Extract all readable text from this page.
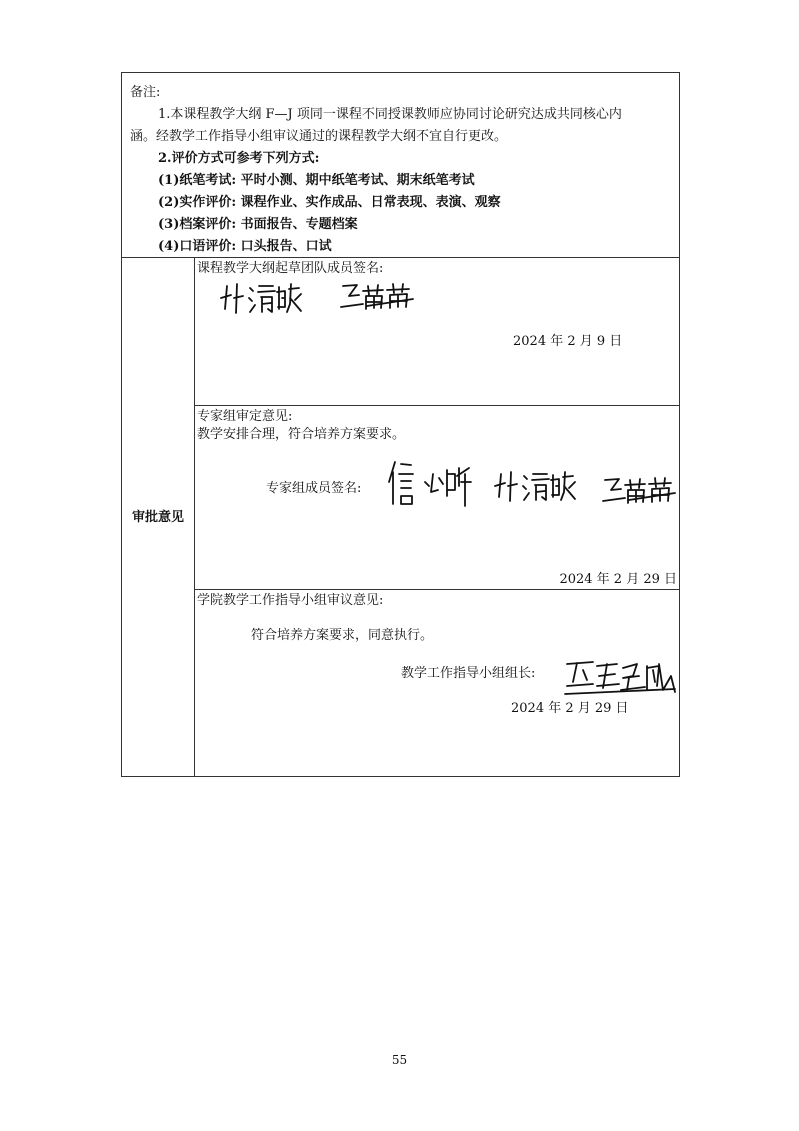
备注:
1.本课程教学大纲 F—J 项同一课程不同授课教师应协同讨论研究达成共同核心内
涵。经教学工作指导小组审议通过的课程教学大纲不宜自行更改。
2.评价方式可参考下列方式:
(1)纸笔考试: 平时小测、期中纸笔考试、期末纸笔考试
(2)实作评价: 课程作业、实作成品、日常表现、表演、观察
(3)档案评价: 书面报告、专题档案
(4)口语评价: 口头报告、口试
审批意见
课程教学大纲起草团队成员签名:
2024 年 2 月 9 日
专家组审定意见:
教学安排合理，符合培养方案要求。
专家组成员签名:
2024 年 2 月 29 日
学院教学工作指导小组审议意见:
符合培养方案要求，同意执行。
教学工作指导小组组长:
2024 年 2 月 29 日
55
